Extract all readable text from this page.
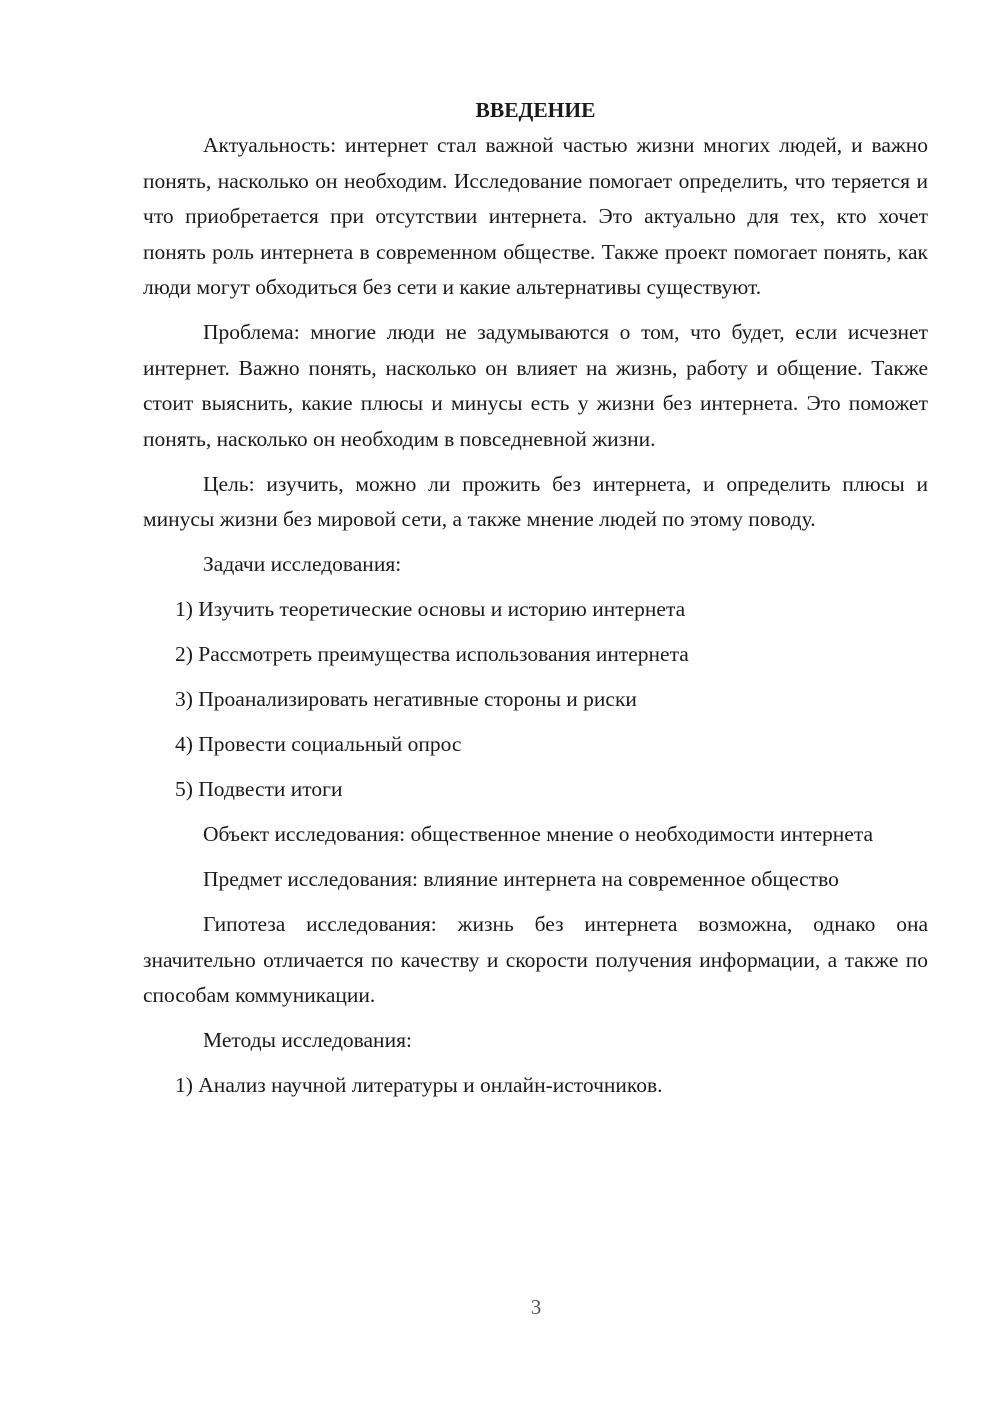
ВВЕДЕНИЕ

Актуальность: интернет стал важной частью жизни многих людей, и важно понять, насколько он необходим. Исследование помогает определить, что теряется и что приобретается при отсутствии интернета. Это актуально для тех, кто хочет понять роль интернета в современном обществе. Также проект помогает понять, как люди могут обходиться без сети и какие альтернативы существуют.

Проблема: многие люди не задумываются о том, что будет, если исчезнет интернет. Важно понять, насколько он влияет на жизнь, работу и общение. Также стоит выяснить, какие плюсы и минусы есть у жизни без интернета. Это поможет понять, насколько он необходим в повседневной жизни.

Цель: изучить, можно ли прожить без интернета, и определить плюсы и минусы жизни без мировой сети, а также мнение людей по этому поводу.

Задачи исследования:

1) Изучить теоретические основы и историю интернета
2) Рассмотреть преимущества использования интернета
3) Проанализировать негативные стороны и риски
4) Провести социальный опрос
5) Подвести итоги

Объект исследования: общественное мнение о необходимости интернета

Предмет исследования: влияние интернета на современное общество

Гипотеза исследования: жизнь без интернета возможна, однако она значительно отличается по качеству и скорости получения информации, а также по способам коммуникации.

Методы исследования:

1) Анализ научной литературы и онлайн-источников.
3
